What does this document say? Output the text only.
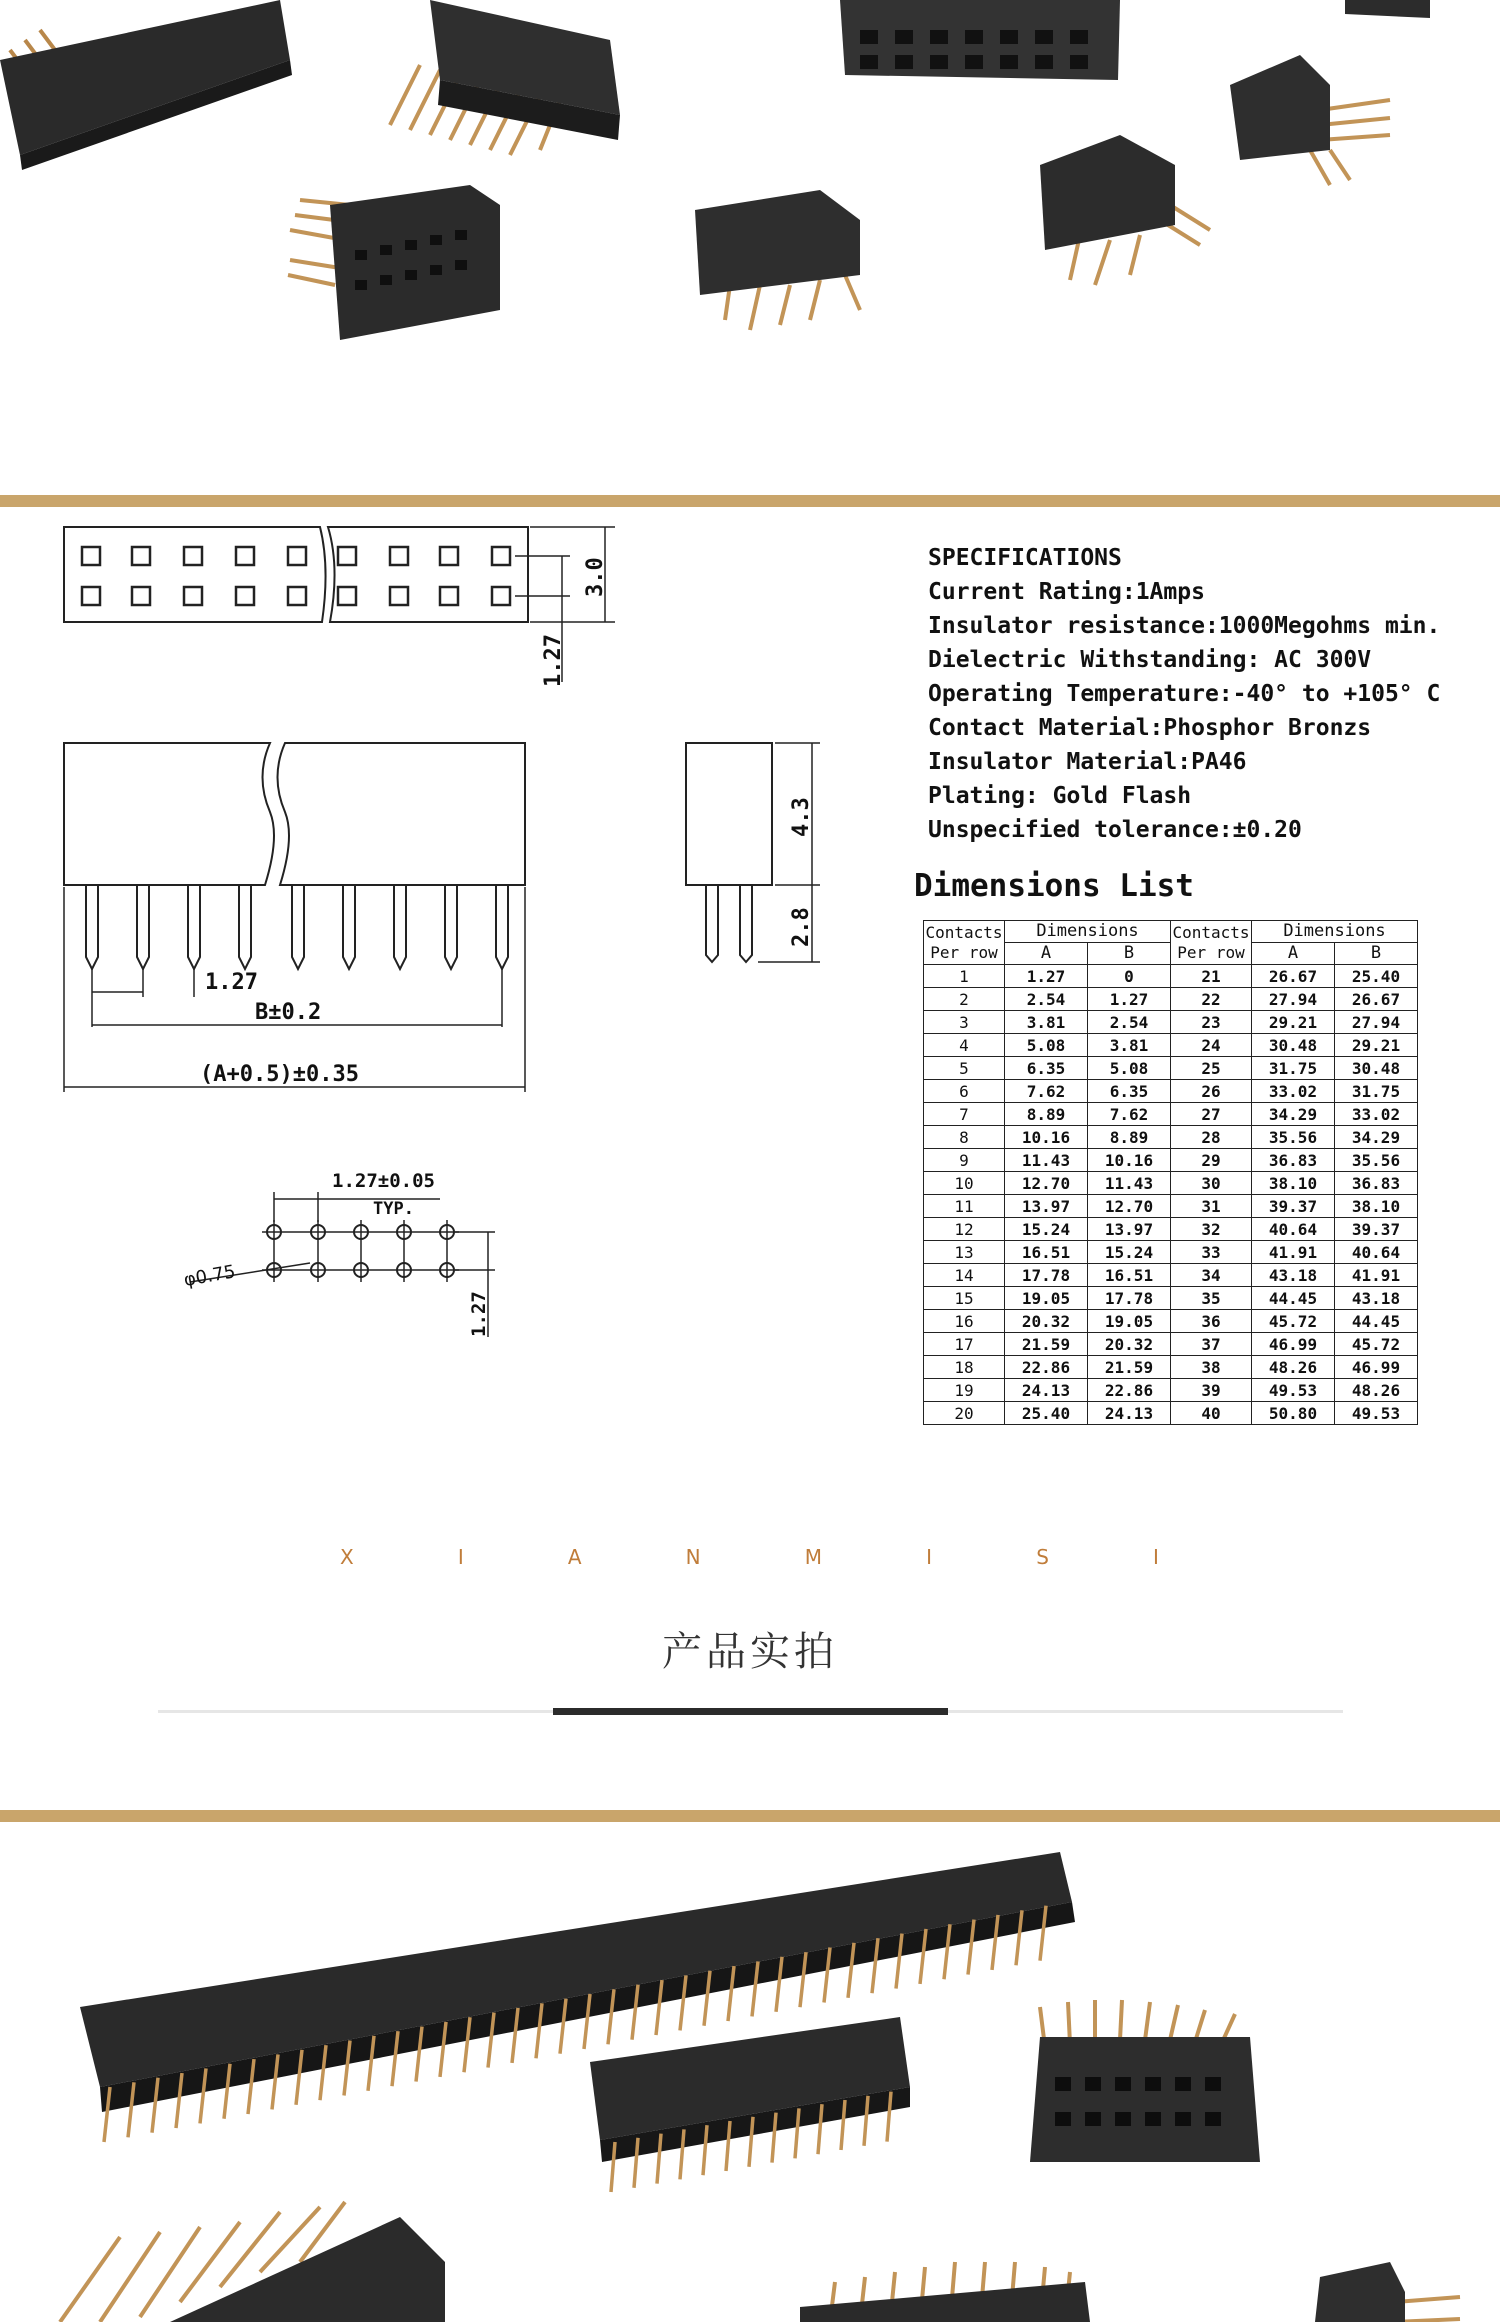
3.0
1.27
1.27
B±0.2
(A+0.5)±0.35
4.3
2.8
1.27±0.05
TYP.
φ0.75
1.27
SPECIFICATIONS
Current Rating:1Amps
Insulator resistance:1000Megohms min.
Dielectric Withstanding: AC 300V
Operating Temperature:-40° to +105° C
Contact Material:Phosphor Bronzs
Insulator Material:PA46
Plating: Gold Flash
Unspecified tolerance:±0.20
Dimensions List
Contacts Per row	Dimensions		Contacts Per row	Dimensions	
	A	B		A	B
1	1.27	0	21	26.67	25.40
2	2.54	1.27	22	27.94	26.67
3	3.81	2.54	23	29.21	27.94
4	5.08	3.81	24	30.48	29.21
5	6.35	5.08	25	31.75	30.48
6	7.62	6.35	26	33.02	31.75
7	8.89	7.62	27	34.29	33.02
8	10.16	8.89	28	35.56	34.29
9	11.43	10.16	29	36.83	35.56
10	12.70	11.43	30	38.10	36.83
11	13.97	12.70	31	39.37	38.10
12	15.24	13.97	32	40.64	39.37
13	16.51	15.24	33	41.91	40.64
14	17.78	16.51	34	43.18	41.91
15	19.05	17.78	35	44.45	43.18
16	20.32	19.05	36	45.72	44.45
17	21.59	20.32	37	46.99	45.72
18	22.86	21.59	38	48.26	46.99
19	24.13	22.86	39	49.53	48.26
20	25.40	24.13	40	50.80	49.53
X	I	A	N	M	I	S	I
产品实拍
